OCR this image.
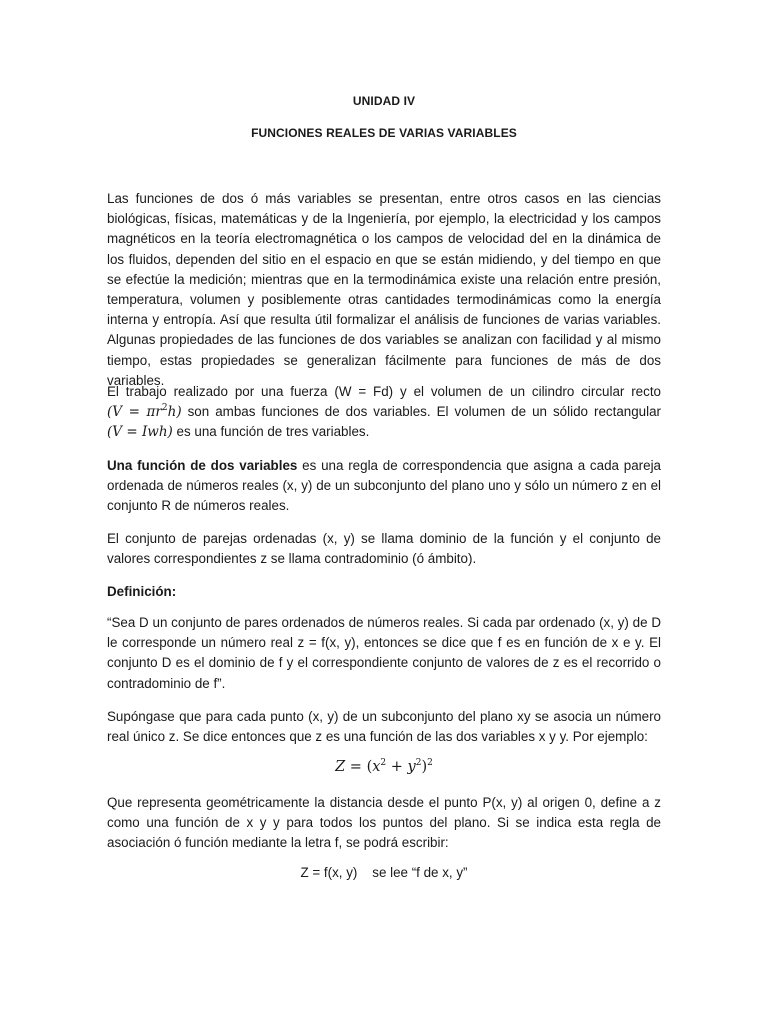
UNIDAD IV
FUNCIONES REALES DE VARIAS VARIABLES

Las funciones de dos ó más variables se presentan, entre otros casos en las ciencias biológicas, físicas, matemáticas y de la Ingeniería, por ejemplo, la electricidad y los campos magnéticos en la teoría electromagnética o los campos de velocidad del en la dinámica de los fluidos, dependen del sitio en el espacio en que se están midiendo, y del tiempo en que se efectúe la medición; mientras que en la termodinámica existe una relación entre presión, temperatura, volumen y posiblemente otras cantidades termodinámicas como la energía interna y entropía. Así que resulta útil formalizar el análisis de funciones de varias variables. Algunas propiedades de las funciones de dos variables se analizan con facilidad y al mismo tiempo, estas propiedades se generalizan fácilmente para funciones de más de dos variables.

El trabajo realizado por una fuerza (W = Fd) y el volumen de un cilindro circular recto $(V = \pi r^2h)$ son ambas funciones de dos variables. El volumen de un sólido rectangular (V = Iwh) es una función de tres variables.

Una función de dos variables es una regla de correspondencia que asigna a cada pareja ordenada de números reales (x, y) de un subconjunto del plano uno y sólo un número z en el conjunto R de números reales.

El conjunto de parejas ordenadas (x, y) se llama dominio de la función y el conjunto de valores correspondientes z se llama contradominio (ó ámbito).

Definición:

“Sea D un conjunto de pares ordenados de números reales. Si cada par ordenado (x, y) de D le corresponde un número real z = f(x, y), entonces se dice que f es en función de x e y. El conjunto D es el dominio de f y el correspondiente conjunto de valores de z es el recorrido o contradominio de f”.

Supóngase que para cada punto (x, y) de un subconjunto del plano xy se asocia un número real único z. Se dice entonces que z es una función de las dos variables x y y. Por ejemplo:

$Z = (x^2 + y^2)^2$

Que representa geométricamente la distancia desde el punto P(x, y) al origen 0, define a z como una función de x y y para todos los puntos del plano. Si se indica esta regla de asociación ó función mediante la letra f, se podrá escribir:

Z = f(x, y)    se lee “f de x, y”
